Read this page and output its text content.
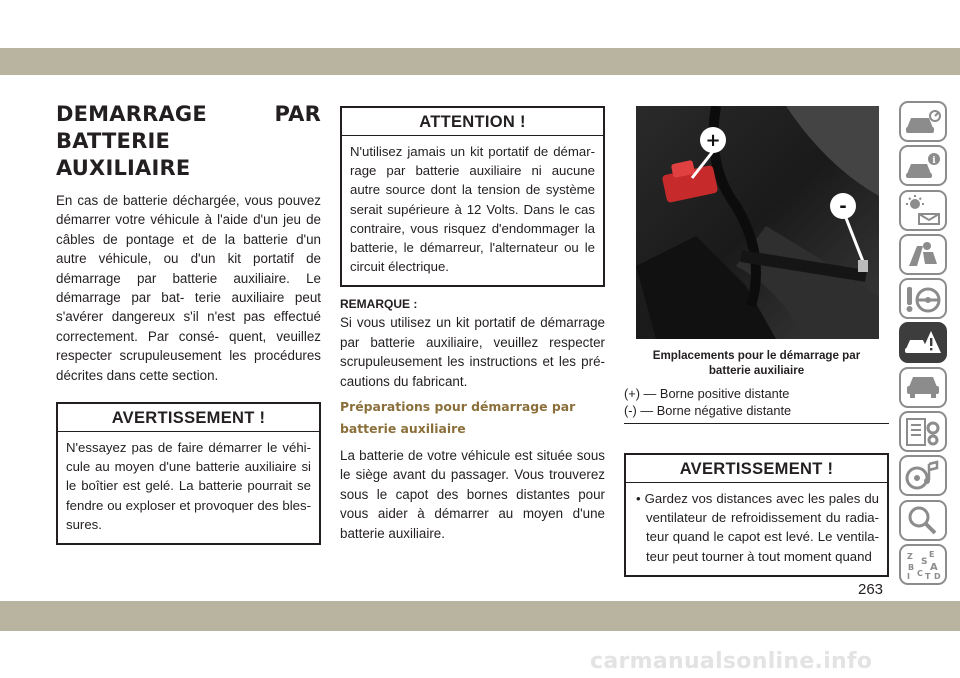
DEMARRAGE PAR BATTERIE
AUXILIAIRE

En cas de batterie déchargée, vous pouvez démarrer votre véhicule à l'aide d'un jeu de câbles de pontage et de la batterie d'un autre véhicule, ou d'un kit portatif de démarrage par batterie auxiliaire. Le démarrage par bat- terie auxiliaire peut s'avérer dangereux s'il n'est pas effectué correctement. Par consé- quent, veuillez respecter scrupuleusement les procédures décrites dans cette section.

AVERTISSEMENT !
N'essayez pas de faire démarrer le véhi- cule au moyen d'une batterie auxiliaire si le boîtier est gelé. La batterie pourrait se fendre ou exploser et provoquer des bles- sures.
ATTENTION !
N'utilisez jamais un kit portatif de démar- rage par batterie auxiliaire ni aucune autre source dont la tension de système serait supérieure à 12 Volts. Dans le cas contraire, vous risquez d'endommager la batterie, le démarreur, l'alternateur ou le circuit électrique.
REMARQUE :

Si vous utilisez un kit portatif de démarrage par batterie auxiliaire, veuillez respecter scrupuleusement les instructions et les pré- cautions du fabricant.

Préparations pour démarrage par batterie auxiliaire

La batterie de votre véhicule est située sous le siège avant du passager. Vous trouverez sous le capot des bornes distantes pour vous aider à démarrer au moyen d'une batterie auxiliaire.

+
-
Emplacements pour le démarrage par batterie auxiliaire
(+) — Borne positive distante
(-) — Borne négative distante
AVERTISSEMENT !
• Gardez vos distances avec les pales du ventilateur de refroidissement du radia- teur quand le capot est levé. Le ventila- teur peut tourner à tout moment quand
i
Z E
B
S A
C T D
I
263
carmanualsonline.info
